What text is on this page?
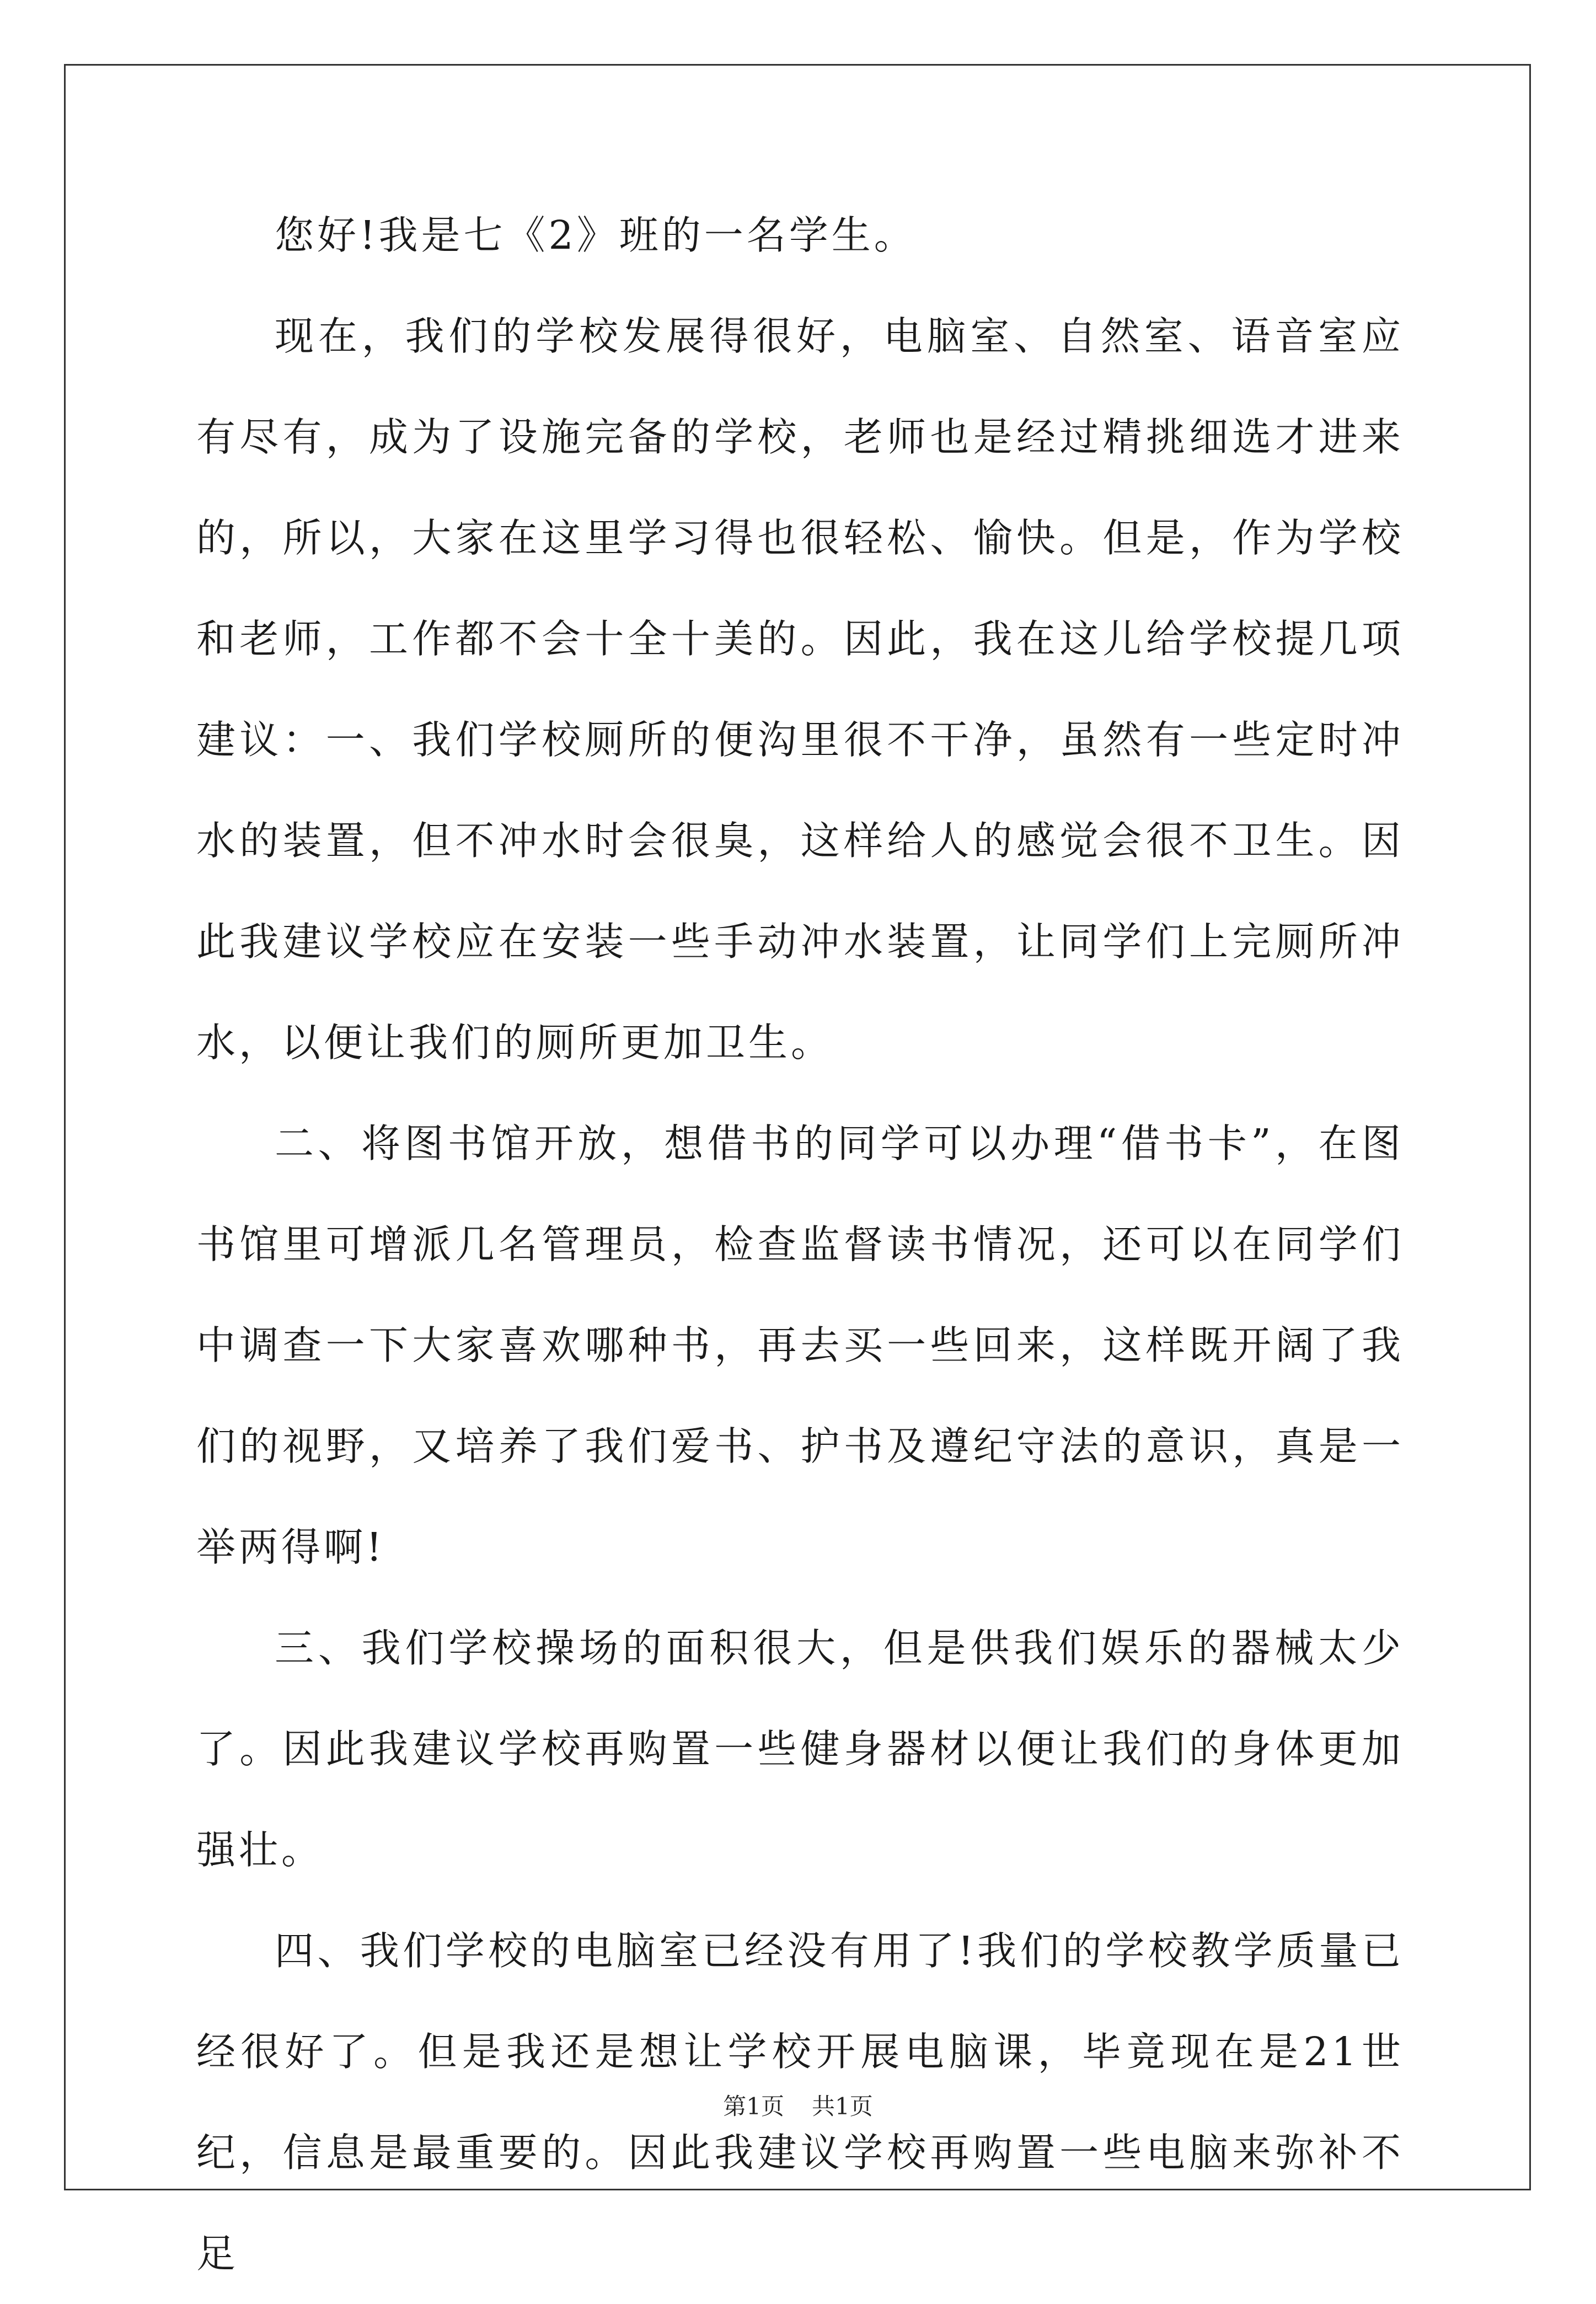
您好!我是七《2》班的一名学生。

现在，我们的学校发展得很好，电脑室、自然室、语音室应有尽有，成为了设施完备的学校，老师也是经过精挑细选才进来的，所以，大家在这里学习得也很轻松、愉快。但是，作为学校和老师，工作都不会十全十美的。因此，我在这儿给学校提几项建议：一、我们学校厕所的便沟里很不干净，虽然有一些定时冲水的装置，但不冲水时会很臭，这样给人的感觉会很不卫生。因此我建议学校应在安装一些手动冲水装置，让同学们上完厕所冲水，以便让我们的厕所更加卫生。

二、将图书馆开放，想借书的同学可以办理“借书卡”，在图书馆里可增派几名管理员，检查监督读书情况，还可以在同学们中调查一下大家喜欢哪种书，再去买一些回来，这样既开阔了我们的视野，又培养了我们爱书、护书及遵纪守法的意识，真是一举两得啊!

三、我们学校操场的面积很大，但是供我们娱乐的器械太少了。因此我建议学校再购置一些健身器材以便让我们的身体更加强壮。

四、我们学校的电脑室已经没有用了!我们的学校教学质量已经很好了。但是我还是想让学校开展电脑课，毕竟现在是21世纪，信息是最重要的。因此我建议学校再购置一些电脑来弥补不足

第1页 共1页
